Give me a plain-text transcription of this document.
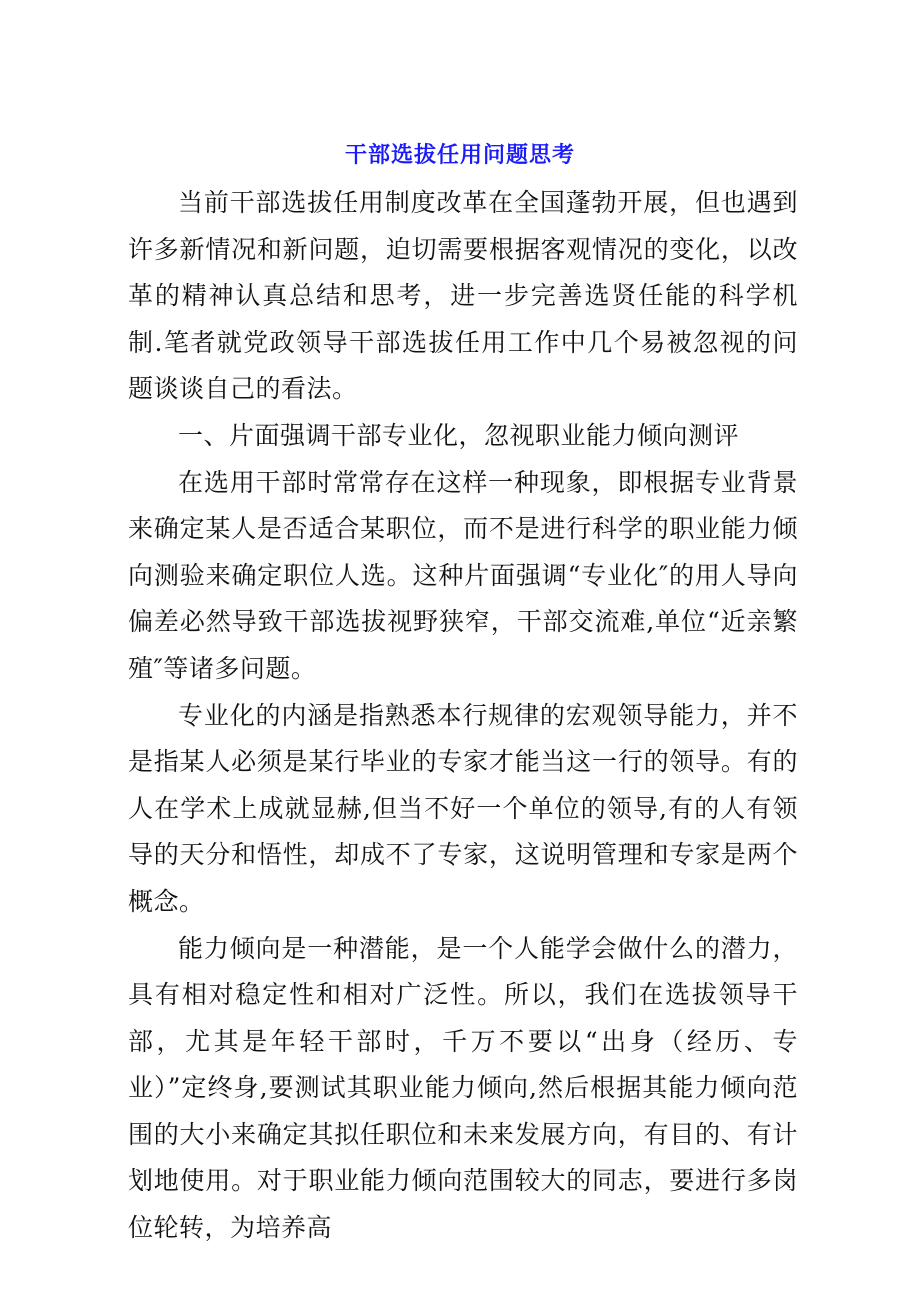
干部选拔任用问题思考

当前干部选拔任用制度改革在全国蓬勃开展，但也遇到许多新情况和新问题，迫切需要根据客观情况的变化，以改革的精神认真总结和思考，进一步完善选贤任能的科学机制.笔者就党政领导干部选拔任用工作中几个易被忽视的问题谈谈自己的看法。

一、片面强调干部专业化，忽视职业能力倾向测评

在选用干部时常常存在这样一种现象，即根据专业背景来确定某人是否适合某职位，而不是进行科学的职业能力倾向测验来确定职位人选。这种片面强调“专业化″的用人导向偏差必然导致干部选拔视野狭窄，干部交流难,单位“近亲繁殖″等诸多问题。

专业化的内涵是指熟悉本行规律的宏观领导能力，并不是指某人必须是某行毕业的专家才能当这一行的领导。有的人在学术上成就显赫,但当不好一个单位的领导,有的人有领导的天分和悟性，却成不了专家，这说明管理和专家是两个概念。

能力倾向是一种潜能，是一个人能学会做什么的潜力，具有相对稳定性和相对广泛性。所以，我们在选拔领导干部，尤其是年轻干部时，千万不要以“出身（经历、专业）”定终身,要测试其职业能力倾向,然后根据其能力倾向范围的大小来确定其拟任职位和未来发展方向，有目的、有计划地使用。对于职业能力倾向范围较大的同志，要进行多岗位轮转，为培养高
